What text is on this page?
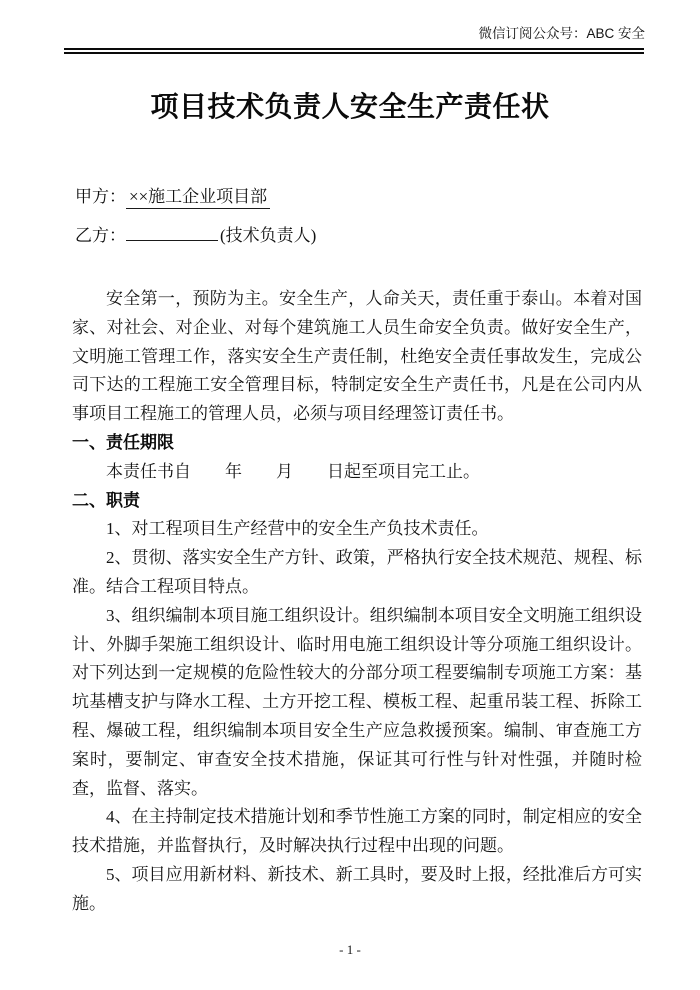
微信订阅公众号：ABC 安全
项目技术负责人安全生产责任状
甲方： ××施工企业项目部
乙方：	(技术负责人)

安全第一，预防为主。安全生产，人命关天，责任重于泰山。本着对国家、对社会、对企业、对每个建筑施工人员生命安全负责。做好安全生产，文明施工管理工作，落实安全生产责任制，杜绝安全责任事故发生，完成公司下达的工程施工安全管理目标，特制定安全生产责任书，凡是在公司内从事项目工程施工的管理人员，必须与项目经理签订责任书。

一、责任期限

本责任书自　　年　　月　　日起至项目完工止。

二、职责

1、对工程项目生产经营中的安全生产负技术责任。

2、贯彻、落实安全生产方针、政策，严格执行安全技术规范、规程、标准。结合工程项目特点。

3、组织编制本项目施工组织设计。组织编制本项目安全文明施工组织设计、外脚手架施工组织设计、临时用电施工组织设计等分项施工组织设计。对下列达到一定规模的危险性较大的分部分项工程要编制专项施工方案：基坑基槽支护与降水工程、土方开挖工程、模板工程、起重吊装工程、拆除工程、爆破工程，组织编制本项目安全生产应急救援预案。编制、审查施工方案时，要制定、审查安全技术措施，保证其可行性与针对性强，并随时检查，监督、落实。

4、在主持制定技术措施计划和季节性施工方案的同时，制定相应的安全技术措施，并监督执行，及时解决执行过程中出现的问题。

5、项目应用新材料、新技术、新工具时，要及时上报，经批准后方可实施。

- 1 -
